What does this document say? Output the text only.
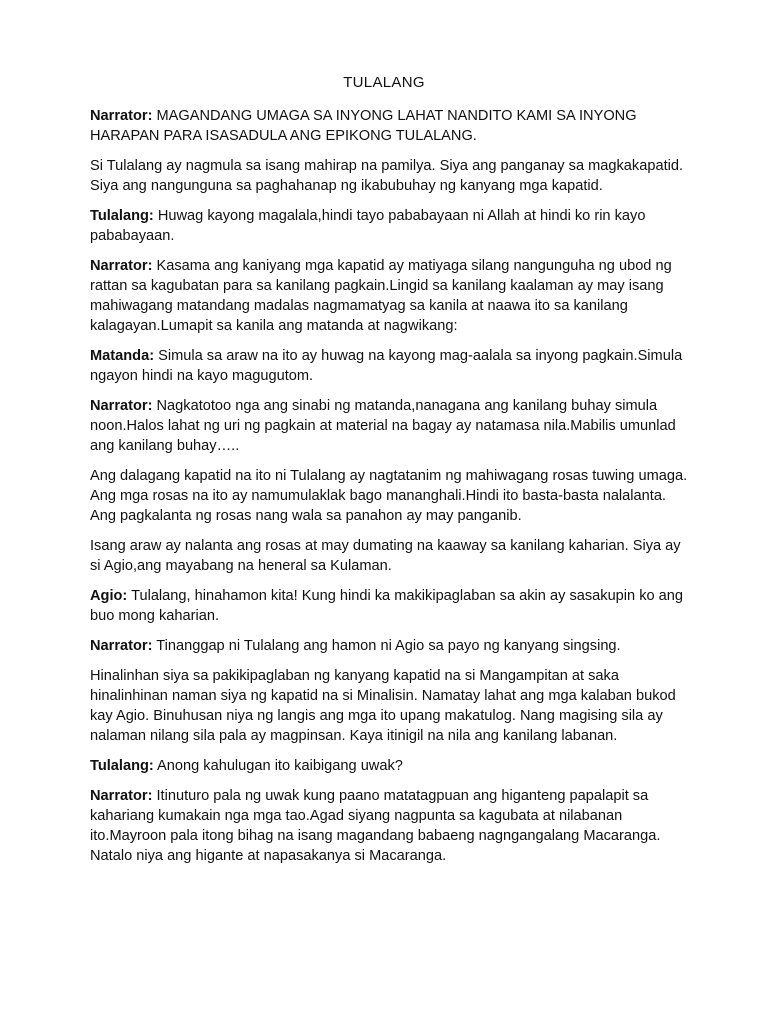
TULALANG

Narrator: MAGANDANG UMAGA SA INYONG LAHAT NANDITO KAMI SA INYONG HARAPAN PARA ISASADULA ANG EPIKONG TULALANG.

Si Tulalang ay nagmula sa isang mahirap na pamilya. Siya ang panganay sa magkakapatid. Siya ang nangunguna sa paghahanap ng ikabubuhay ng kanyang mga kapatid.

Tulalang: Huwag kayong magalala,hindi tayo pababayaan ni Allah at hindi ko rin kayo pababayaan.

Narrator: Kasama ang kaniyang mga kapatid ay matiyaga silang nangunguha ng ubod ng rattan sa kagubatan para sa kanilang pagkain.Lingid sa kanilang kaalaman ay may isang mahiwagang matandang madalas nagmamatyag sa kanila at naawa ito sa kanilang kalagayan.Lumapit sa kanila ang matanda at nagwikang:

Matanda: Simula sa araw na ito ay huwag na kayong mag-aalala sa inyong pagkain.Simula ngayon hindi na kayo magugutom.

Narrator: Nagkatotoo nga ang sinabi ng matanda,nanagana ang kanilang buhay simula noon.Halos lahat ng uri ng pagkain at material na bagay ay natamasa nila.Mabilis umunlad ang kanilang buhay…..

Ang dalagang kapatid na ito ni Tulalang ay nagtatanim ng mahiwagang rosas tuwing umaga. Ang mga rosas na ito ay namumulaklak bago mananghali.Hindi ito basta-basta nalalanta. Ang pagkalanta ng rosas nang wala sa panahon ay may panganib.

Isang araw ay nalanta ang rosas at may dumating na kaaway sa kanilang kaharian. Siya ay si Agio,ang mayabang na heneral sa Kulaman.

Agio: Tulalang, hinahamon kita! Kung hindi ka makikipaglaban sa akin ay sasakupin ko ang buo mong kaharian.

Narrator: Tinanggap ni Tulalang ang hamon ni Agio sa payo ng kanyang singsing.

Hinalinhan siya sa pakikipaglaban ng kanyang kapatid na si Mangampitan at saka hinalinhinan naman siya ng kapatid na si Minalisin. Namatay lahat ang mga kalaban bukod kay Agio. Binuhusan niya ng langis ang mga ito upang makatulog. Nang magising sila ay nalaman nilang sila pala ay magpinsan. Kaya itinigil na nila ang kanilang labanan.

Tulalang: Anong kahulugan ito kaibigang uwak?

Narrator: Itinuturo pala ng uwak kung paano matatagpuan ang higanteng papalapit sa kahariang kumakain nga mga tao.Agad siyang nagpunta sa kagubata at nilabanan ito.Mayroon pala itong bihag na isang magandang babaeng nagngangalang Macaranga. Natalo niya ang higante at napasakanya si Macaranga.
